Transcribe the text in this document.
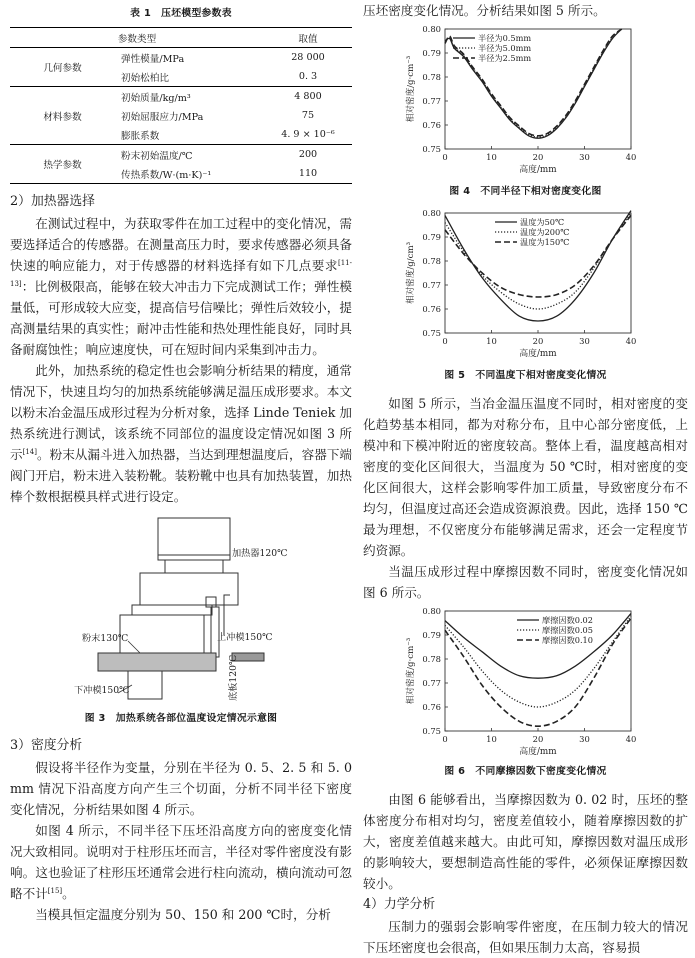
表 1　压坯模型参数表

参数类型		取值
几何参数	弹性模量/MPa	28 000
	初始松柏比	0. 3
材料参数	初始质量/kg/m³	4 800
	初始屈服应力/MPa	75
	膨胀系数	4. 9 × 10⁻⁶
热学参数	粉末初始温度/℃	200
	传热系数/W·(m·K)⁻¹	110

2）加热器选择

在测试过程中，为获取零件在加工过程中的变化情况，需要选择适合的传感器。在测量高压力时，要求传感器必须具备快速的响应能力，对于传感器的材料选择有如下几点要求[11-13]：比例极限高，能够在较大冲击力下完成测试工作；弹性模量低，可形成较大应变，提高信号信噪比；弹性后效较小，提高测量结果的真实性；耐冲击性能和热处理性能良好，同时具备耐腐蚀性；响应速度快，可在短时间内采集到冲击力。

此外，加热系统的稳定性也会影响分析结果的精度，通常情况下，快速且均匀的加热系统能够满足温压成形要求。本文以粉末冶金温压成形过程为分析对象，选择 Linde Teniek 加热系统进行测试，该系统不同部位的温度设定情况如图 3 所示[14]。粉末从漏斗进入加热器，当达到理想温度后，容器下端阀门开启，粉末进入装粉靴。装粉靴中也具有加热装置，加热棒个数根据模具样式进行设定。

加热器120℃
上冲模150℃
粉末130℃
下冲模150℃	底板120℃

图 3　加热系统各部位温度设定情况示意图

3）密度分析

假设将半径作为变量，分别在半径为 0. 5、2. 5 和 5. 0 mm 情况下沿高度方向产生三个切面，分析不同半径下密度变化情况，分析结果如图 4 所示。

如图 4 所示，不同半径下压坯沿高度方向的密度变化情况大致相同。说明对于柱形压坯而言，半径对零件密度没有影响。这也验证了柱形压坯通常会进行柱向流动，横向流动可忽略不计[15]。

当模具恒定温度分别为 50、150 和 200 ℃时，分析

压坯密度变化情况。分析结果如图 5 所示。

0.75
0.76
0.77
0.78
0.79
0.80
0	10	20	30	40
高度/mm
相对密度/g·cm⁻³
半径为0.5mm
半径为5.0mm
半径为2.5mm

图 4　不同半径下相对密度变化图

0.75
0.76
0.77
0.78
0.79
0.80
0	10	20	30	40
高度/mm
相对密度/g/cm³
温度为50℃
温度为200℃
温度为150℃

图 5　不同温度下相对密度变化情况

如图 5 所示，当冶金温压温度不同时，相对密度的变化趋势基本相同，都为对称分布，且中心部分密度低，上模冲和下模冲附近的密度较高。整体上看，温度越高相对密度的变化区间很大，当温度为 50 ℃时，相对密度的变化区间很大，这样会影响零件加工质量，导致密度分布不均匀，但温度过高还会造成资源浪费。因此，选择 150 ℃最为理想，不仅密度分布能够满足需求，还会一定程度节约资源。

当温压成形过程中摩擦因数不同时，密度变化情况如图 6 所示。

0.75
0.76
0.77
0.78
0.79
0.80
0	10	20	30	40
高度/mm
相对密度/g·cm⁻³
摩擦因数0.02
摩擦因数0.05
摩擦因数0.10

图 6　不同摩擦因数下密度变化情况

由图 6 能够看出，当摩擦因数为 0. 02 时，压坯的整体密度分布相对均匀，密度差值较小，随着摩擦因数的扩大，密度差值越来越大。由此可知，摩擦因数对温压成形的影响较大，要想制造高性能的零件，必须保证摩擦因数较小。

4）力学分析

压制力的强弱会影响零件密度，在压制力较大的情况下压坯密度也会很高，但如果压制力太高，容易损
